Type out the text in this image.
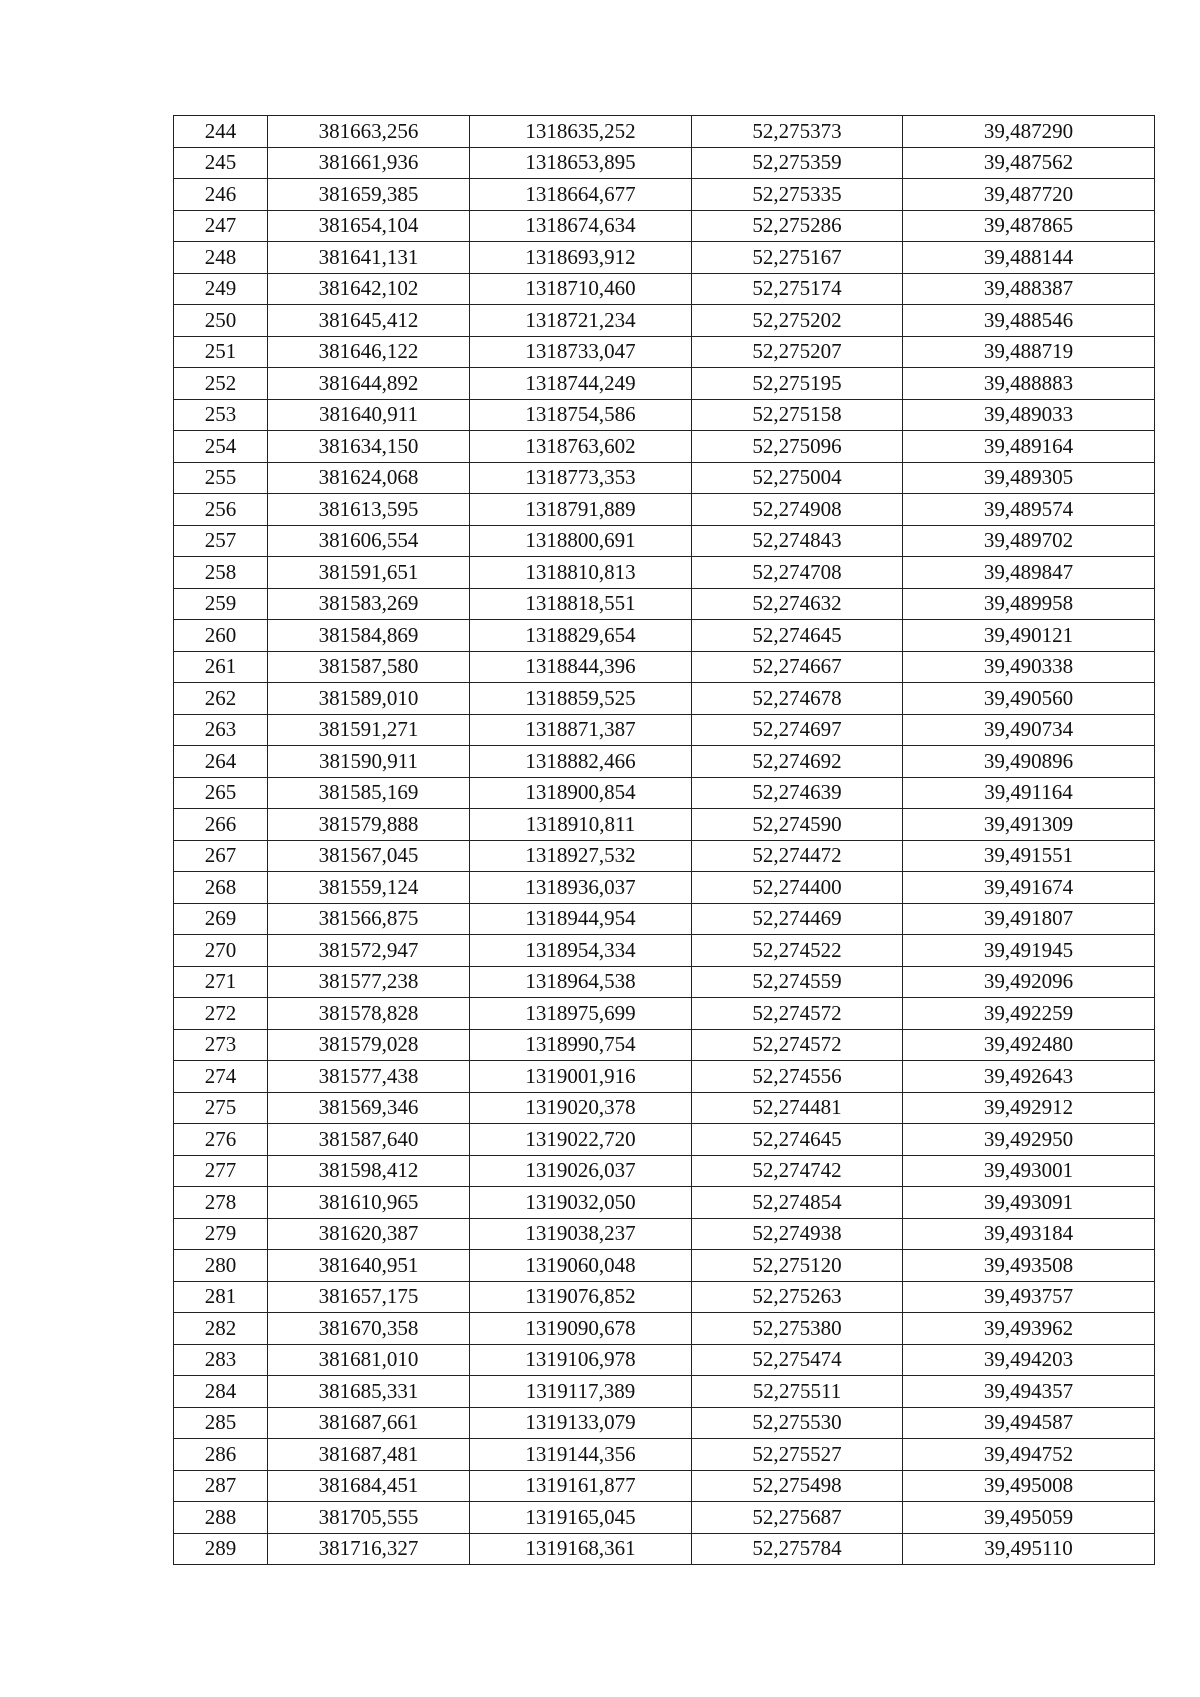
244	381663,256	1318635,252	52,275373	39,487290
245	381661,936	1318653,895	52,275359	39,487562
246	381659,385	1318664,677	52,275335	39,487720
247	381654,104	1318674,634	52,275286	39,487865
248	381641,131	1318693,912	52,275167	39,488144
249	381642,102	1318710,460	52,275174	39,488387
250	381645,412	1318721,234	52,275202	39,488546
251	381646,122	1318733,047	52,275207	39,488719
252	381644,892	1318744,249	52,275195	39,488883
253	381640,911	1318754,586	52,275158	39,489033
254	381634,150	1318763,602	52,275096	39,489164
255	381624,068	1318773,353	52,275004	39,489305
256	381613,595	1318791,889	52,274908	39,489574
257	381606,554	1318800,691	52,274843	39,489702
258	381591,651	1318810,813	52,274708	39,489847
259	381583,269	1318818,551	52,274632	39,489958
260	381584,869	1318829,654	52,274645	39,490121
261	381587,580	1318844,396	52,274667	39,490338
262	381589,010	1318859,525	52,274678	39,490560
263	381591,271	1318871,387	52,274697	39,490734
264	381590,911	1318882,466	52,274692	39,490896
265	381585,169	1318900,854	52,274639	39,491164
266	381579,888	1318910,811	52,274590	39,491309
267	381567,045	1318927,532	52,274472	39,491551
268	381559,124	1318936,037	52,274400	39,491674
269	381566,875	1318944,954	52,274469	39,491807
270	381572,947	1318954,334	52,274522	39,491945
271	381577,238	1318964,538	52,274559	39,492096
272	381578,828	1318975,699	52,274572	39,492259
273	381579,028	1318990,754	52,274572	39,492480
274	381577,438	1319001,916	52,274556	39,492643
275	381569,346	1319020,378	52,274481	39,492912
276	381587,640	1319022,720	52,274645	39,492950
277	381598,412	1319026,037	52,274742	39,493001
278	381610,965	1319032,050	52,274854	39,493091
279	381620,387	1319038,237	52,274938	39,493184
280	381640,951	1319060,048	52,275120	39,493508
281	381657,175	1319076,852	52,275263	39,493757
282	381670,358	1319090,678	52,275380	39,493962
283	381681,010	1319106,978	52,275474	39,494203
284	381685,331	1319117,389	52,275511	39,494357
285	381687,661	1319133,079	52,275530	39,494587
286	381687,481	1319144,356	52,275527	39,494752
287	381684,451	1319161,877	52,275498	39,495008
288	381705,555	1319165,045	52,275687	39,495059
289	381716,327	1319168,361	52,275784	39,495110
